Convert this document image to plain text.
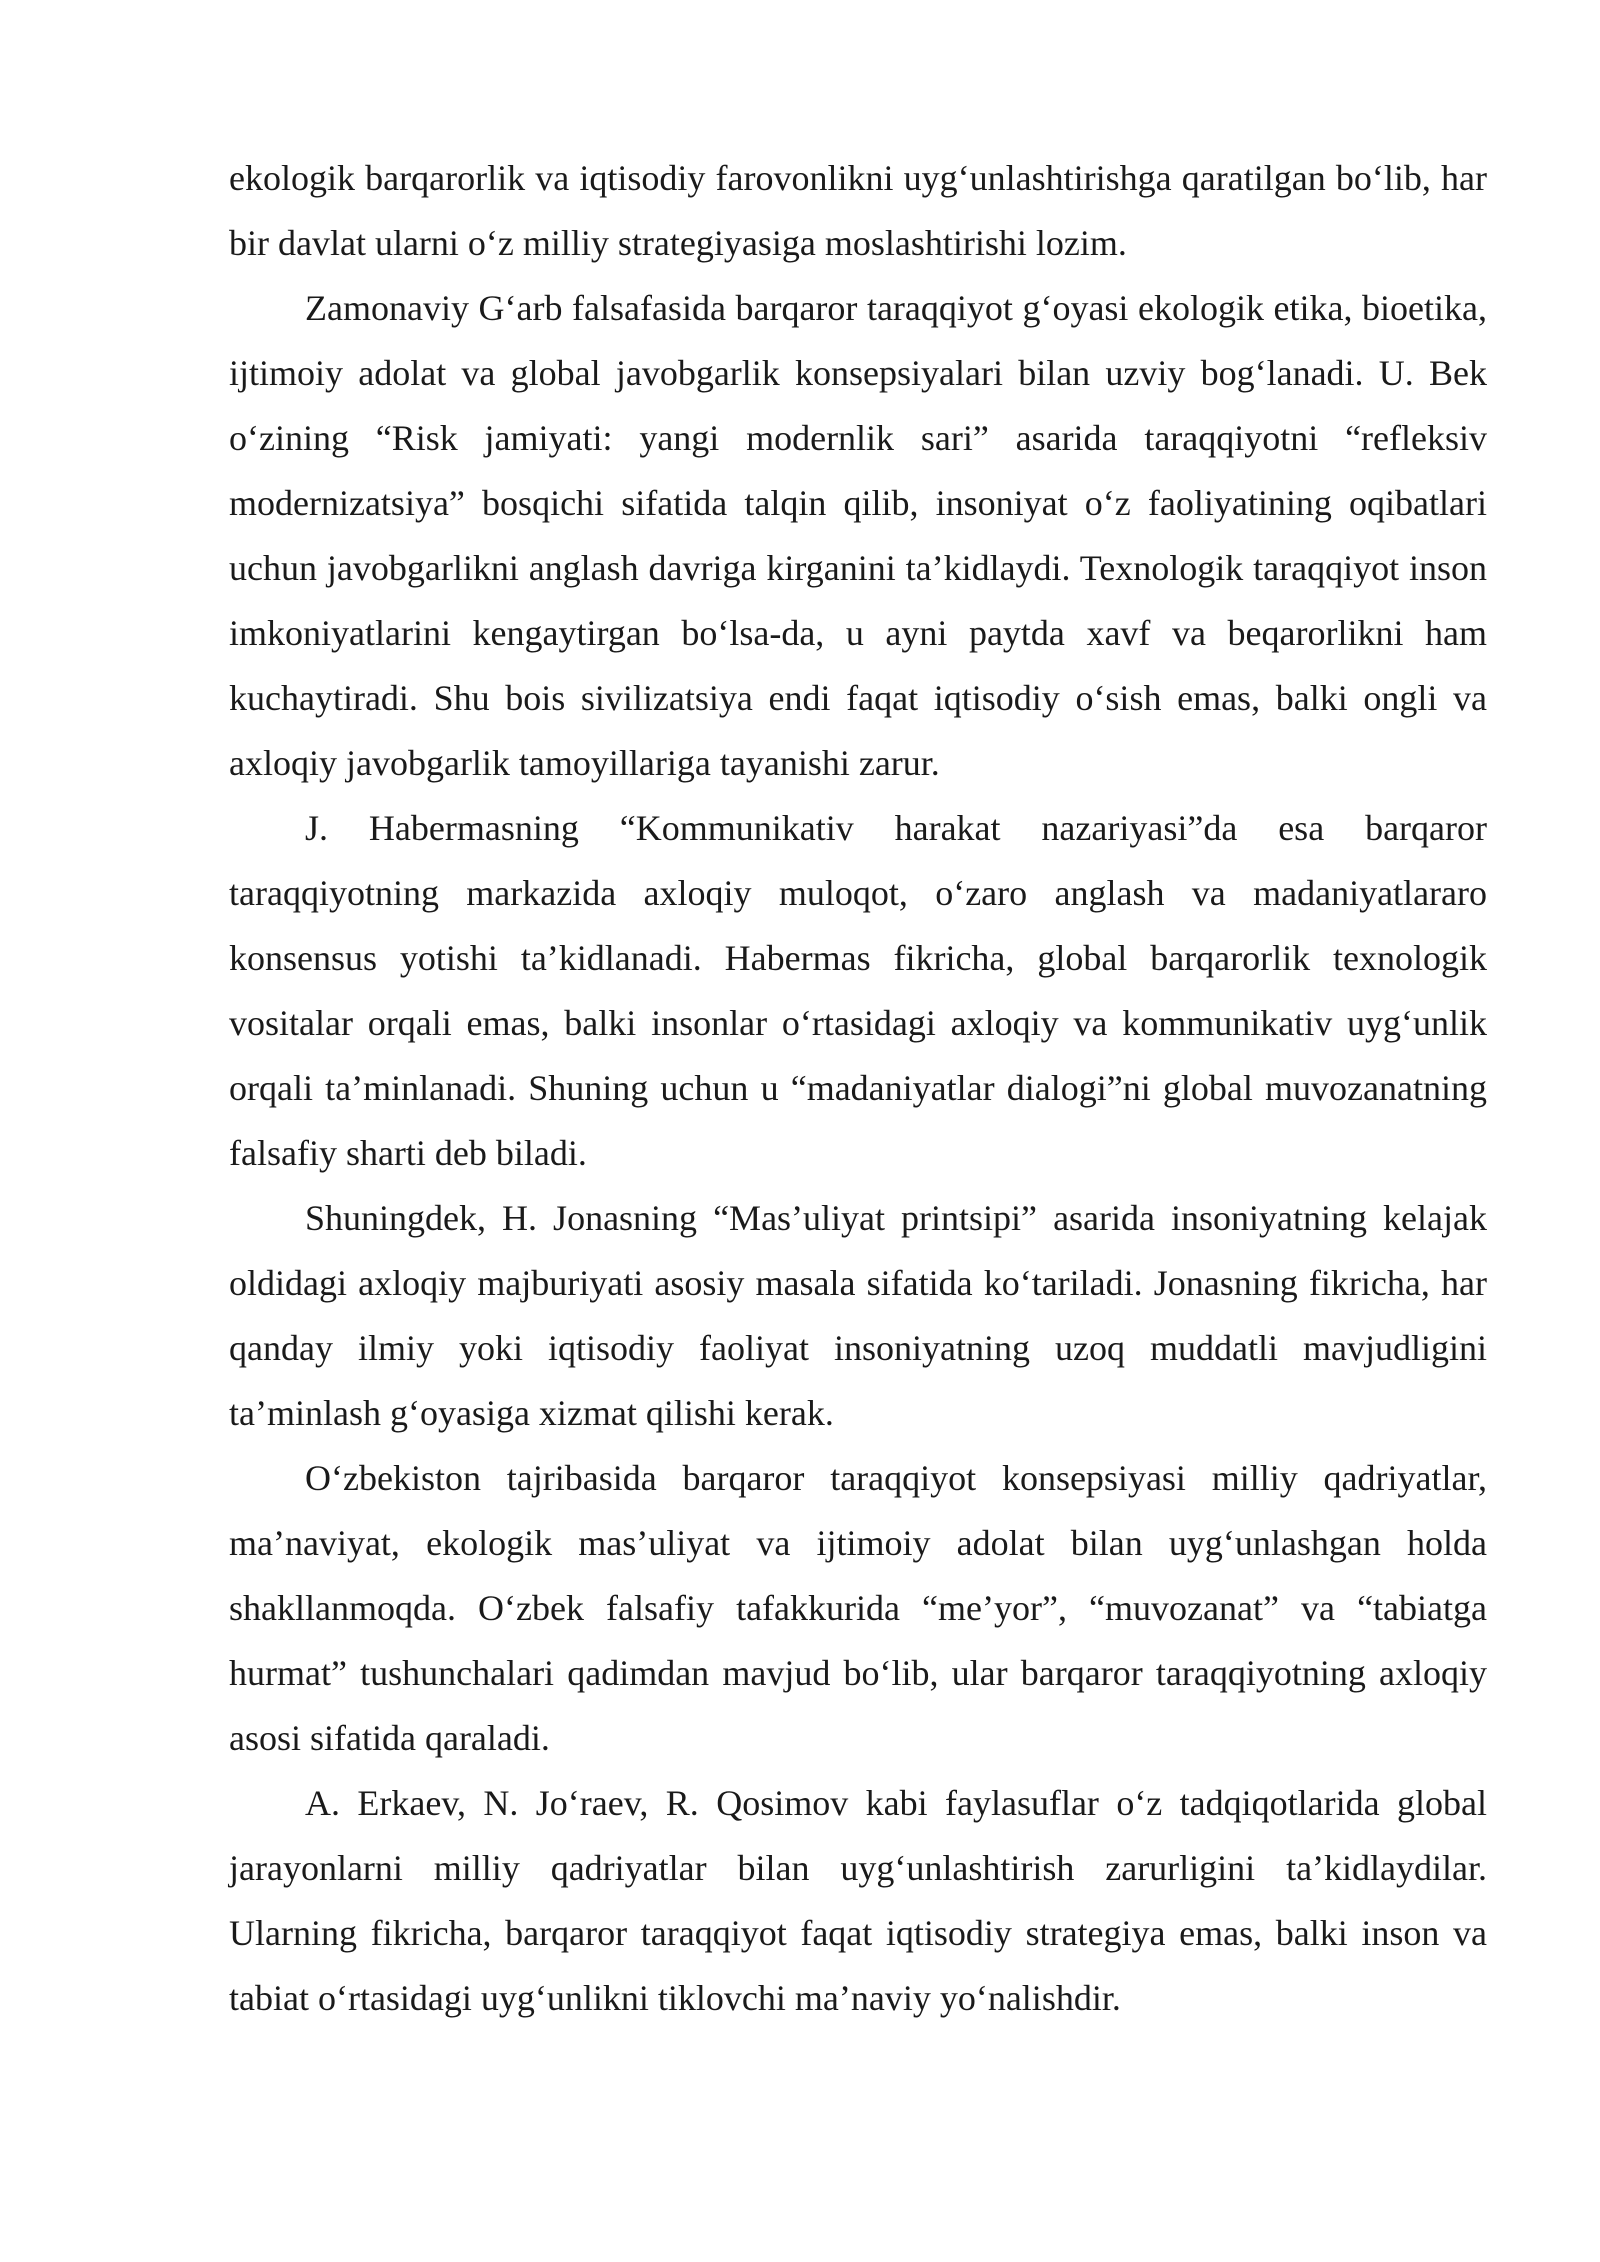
ekologik barqarorlik va iqtisodiy farovonlikni uyg‘unlashtirishga qaratilgan bo‘lib, har bir davlat ularni o‘z milliy strategiyasiga moslashtirishi lozim.

Zamonaviy G‘arb falsafasida barqaror taraqqiyot g‘oyasi ekologik etika, bioetika, ijtimoiy adolat va global javobgarlik konsepsiyalari bilan uzviy bog‘lanadi. U. Bek o‘zining “Risk jamiyati: yangi modernlik sari” asarida taraqqiyotni “refleksiv modernizatsiya” bosqichi sifatida talqin qilib, insoniyat o‘z faoliyatining oqibatlari uchun javobgarlikni anglash davriga kirganini ta’kidlaydi. Texnologik taraqqiyot inson imkoniyatlarini kengaytirgan bo‘lsa-da, u ayni paytda xavf va beqarorlikni ham kuchaytiradi. Shu bois sivilizatsiya endi faqat iqtisodiy o‘sish emas, balki ongli va axloqiy javobgarlik tamoyillariga tayanishi zarur.

J. Habermasning “Kommunikativ harakat nazariyasi”da esa barqaror taraqqiyotning markazida axloqiy muloqot, o‘zaro anglash va madaniyatlararo konsensus yotishi ta’kidlanadi. Habermas fikricha, global barqarorlik texnologik vositalar orqali emas, balki insonlar o‘rtasidagi axloqiy va kommunikativ uyg‘unlik orqali ta’minlanadi. Shuning uchun u “madaniyatlar dialogi”ni global muvozanatning falsafiy sharti deb biladi.

Shuningdek, H. Jonasning “Mas’uliyat printsipi” asarida insoniyatning kelajak oldidagi axloqiy majburiyati asosiy masala sifatida ko‘tariladi. Jonasning fikricha, har qanday ilmiy yoki iqtisodiy faoliyat insoniyatning uzoq muddatli mavjudligini ta’minlash g‘oyasiga xizmat qilishi kerak.

O‘zbekiston tajribasida barqaror taraqqiyot konsepsiyasi milliy qadriyatlar, ma’naviyat, ekologik mas’uliyat va ijtimoiy adolat bilan uyg‘unlashgan holda shakllanmoqda. O‘zbek falsafiy tafakkurida “me’yor”, “muvozanat” va “tabiatga hurmat” tushunchalari qadimdan mavjud bo‘lib, ular barqaror taraqqiyotning axloqiy asosi sifatida qaraladi.

A. Erkaev, N. Jo‘raev, R. Qosimov kabi faylasuflar o‘z tadqiqotlarida global jarayonlarni milliy qadriyatlar bilan uyg‘unlashtirish zarurligini ta’kidlaydilar. Ularning fikricha, barqaror taraqqiyot faqat iqtisodiy strategiya emas, balki inson va tabiat o‘rtasidagi uyg‘unlikni tiklovchi ma’naviy yo‘nalishdir.
